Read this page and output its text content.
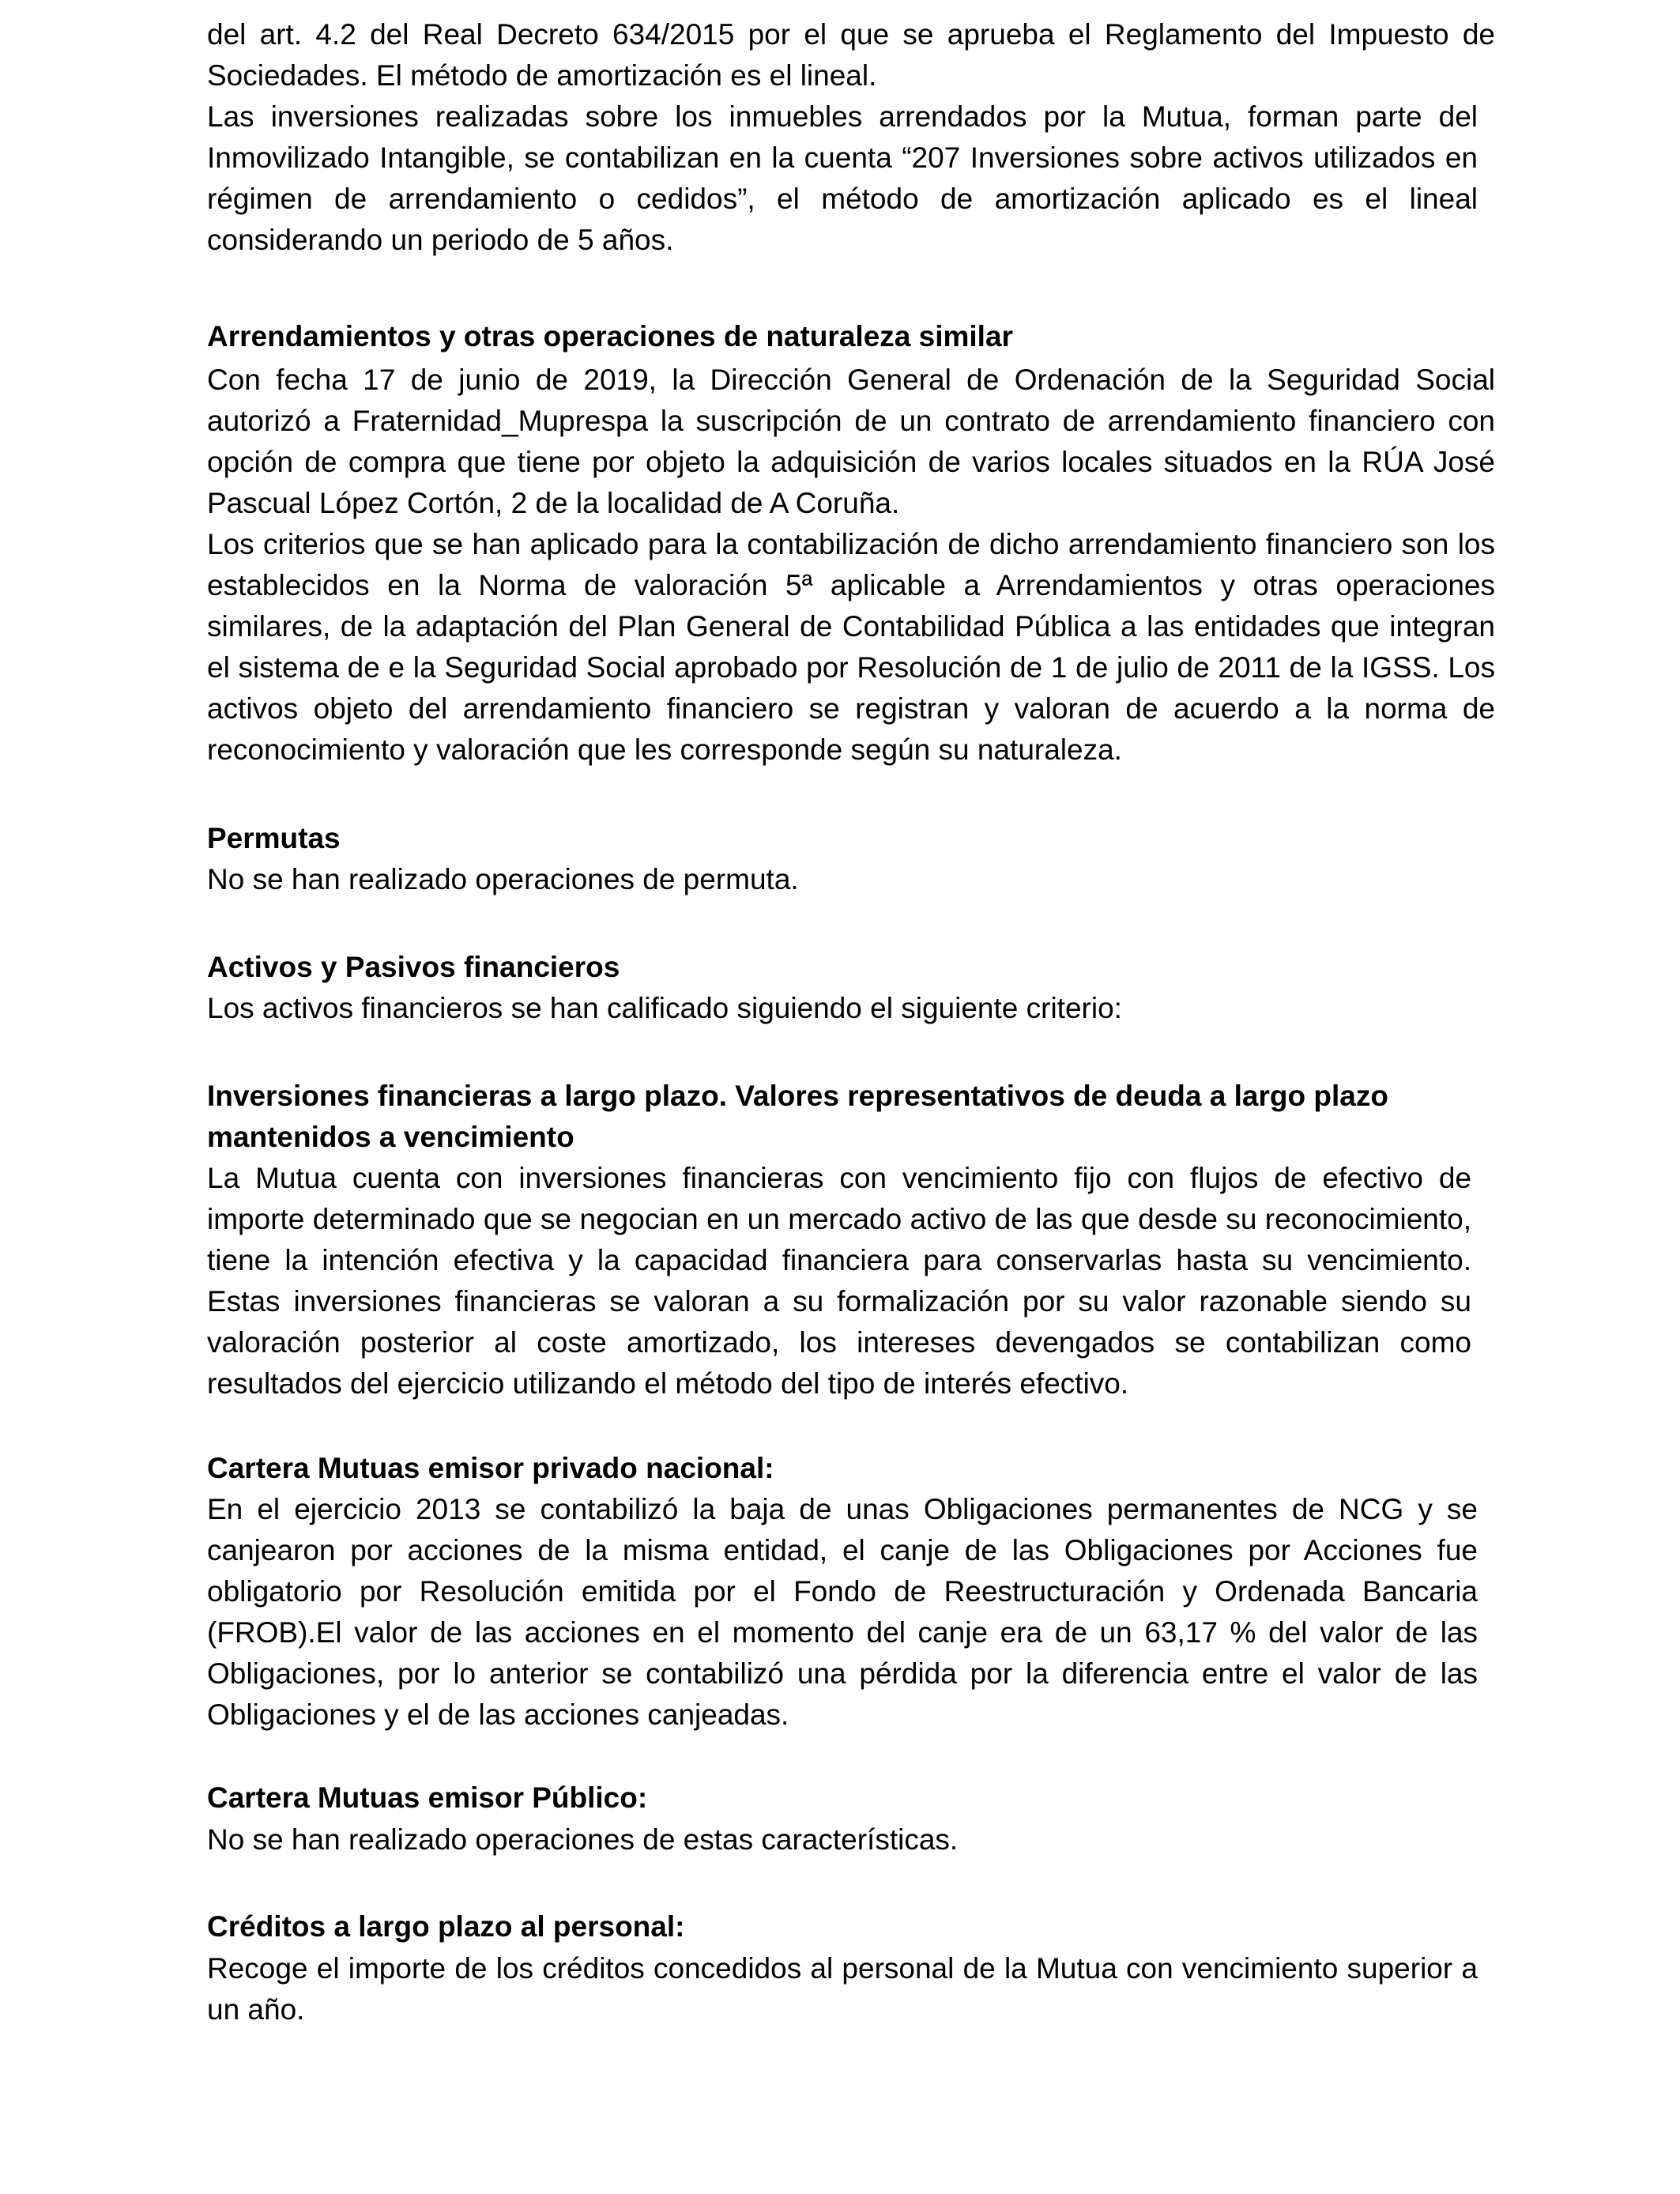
del art. 4.2 del Real Decreto 634/2015 por el que se aprueba el Reglamento del Impuesto de Sociedades. El método de amortización es el lineal.

Las inversiones realizadas sobre los inmuebles arrendados por la Mutua, forman parte del Inmovilizado Intangible, se contabilizan en la cuenta “207 Inversiones sobre activos utilizados en régimen de arrendamiento o cedidos”, el método de amortización aplicado es el lineal considerando un periodo de 5 años.

Arrendamientos y otras operaciones de naturaleza similar

Con fecha 17 de junio de 2019, la Dirección General de Ordenación de la Seguridad Social autorizó a Fraternidad_Muprespa la suscripción de un contrato de arrendamiento financiero con opción de compra que tiene por objeto la adquisición de varios locales situados en la RÚA José Pascual López Cortón, 2 de la localidad de A Coruña.

Los criterios que se han aplicado para la contabilización de dicho arrendamiento financiero son los establecidos en la Norma de valoración 5ª aplicable a Arrendamientos y otras operaciones similares, de la adaptación del Plan General de Contabilidad Pública a las entidades que integran el sistema de e la Seguridad Social aprobado por Resolución de 1 de julio de 2011 de la IGSS. Los activos objeto del arrendamiento financiero se registran y valoran de acuerdo a la norma de reconocimiento y valoración que les corresponde según su naturaleza.

Permutas

No se han realizado operaciones de permuta.

Activos y Pasivos financieros

Los activos financieros se han calificado siguiendo el siguiente criterio:

Inversiones financieras a largo plazo. Valores representativos de deuda a largo plazo mantenidos a vencimiento

La Mutua cuenta con inversiones financieras con vencimiento fijo con flujos de efectivo de importe determinado que se negocian en un mercado activo de las que desde su reconocimiento, tiene la intención efectiva y la capacidad financiera para conservarlas hasta su vencimiento. Estas inversiones financieras se valoran a su formalización por su valor razonable siendo su valoración posterior al coste amortizado, los intereses devengados se contabilizan como resultados del ejercicio utilizando el método del tipo de interés efectivo.

Cartera Mutuas emisor privado nacional:

En el ejercicio 2013 se contabilizó la baja de unas Obligaciones permanentes de NCG y se canjearon por acciones de la misma entidad, el canje de las Obligaciones por Acciones fue obligatorio por Resolución emitida por el Fondo de Reestructuración y Ordenada Bancaria (FROB).El valor de las acciones en el momento del canje era de un 63,17 % del valor de las Obligaciones, por lo anterior se contabilizó una pérdida por la diferencia entre el valor de las Obligaciones y el de las acciones canjeadas.

Cartera Mutuas emisor Público:

No se han realizado operaciones de estas características.

Créditos a largo plazo al personal:

Recoge el importe de los créditos concedidos al personal de la Mutua con vencimiento superior a un año.
